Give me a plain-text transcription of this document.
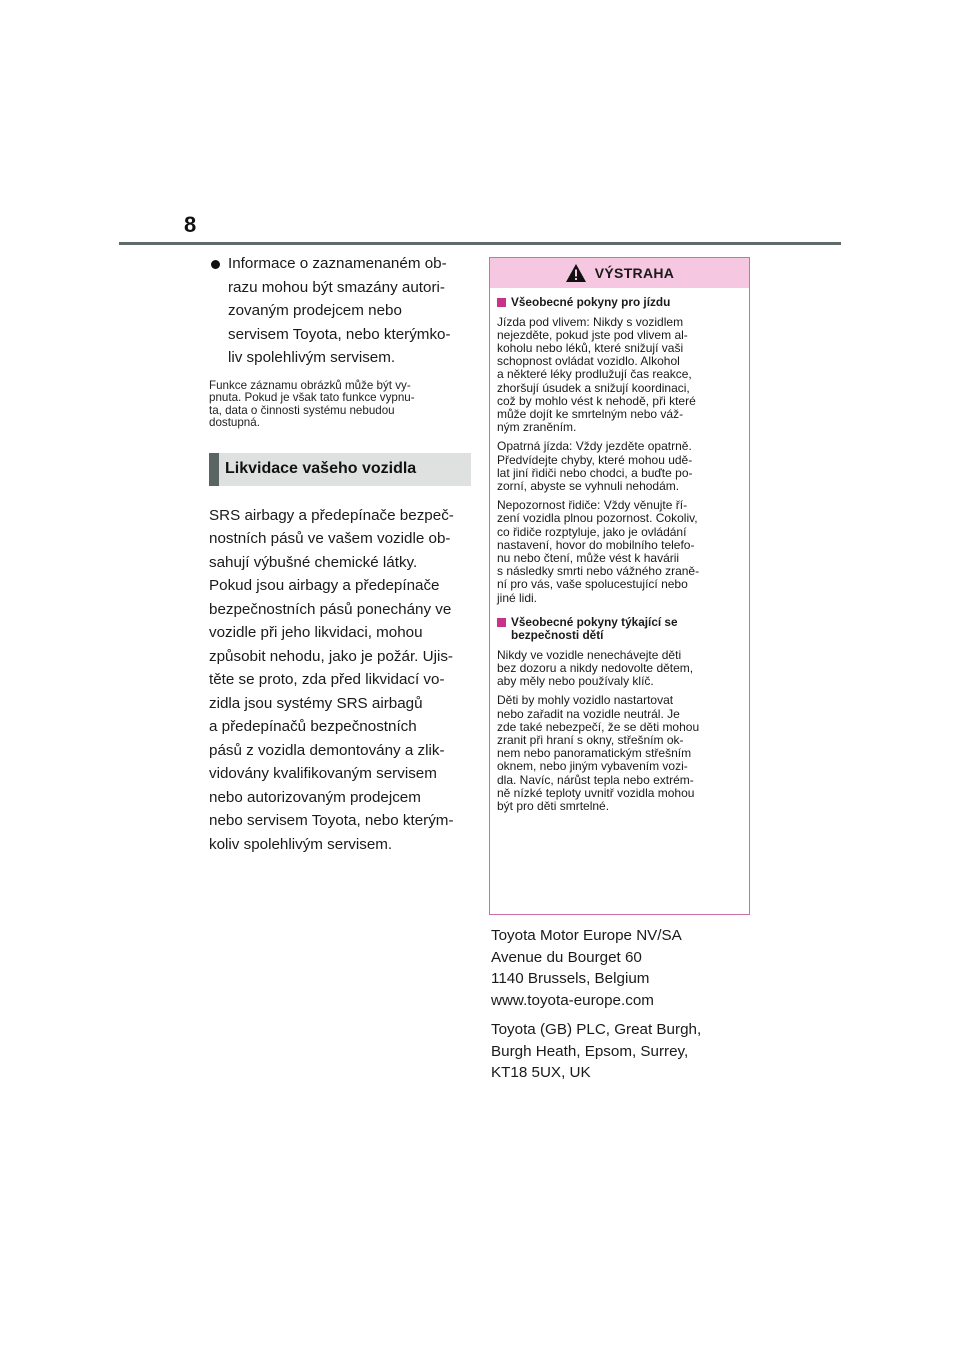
8
Informace o zaznamenaném ob-
razu mohou být smazány autori-
zovaným prodejcem nebo
servisem Toyota, nebo kterýmko-
liv spolehlivým servisem.
Funkce záznamu obrázků může být vy-
pnuta. Pokud je však tato funkce vypnu-
ta, data o činnosti systému nebudou
dostupná.
Likvidace vašeho vozidla
SRS airbagy a předepínače bezpeč-
nostních pásů ve vašem vozidle ob-
sahují výbušné chemické látky.
Pokud jsou airbagy a předepínače
bezpečnostních pásů ponechány ve
vozidle při jeho likvidaci, mohou
způsobit nehodu, jako je požár. Ujis-
těte se proto, zda před likvidací vo-
zidla jsou systémy SRS airbagů
a předepínačů bezpečnostních
pásů z vozidla demontovány a zlik-
vidovány kvalifikovaným servisem
nebo autorizovaným prodejcem
nebo servisem Toyota, nebo kterým-
koliv spolehlivým servisem.
VÝSTRAHA
Všeobecné pokyny pro jízdu
Jízda pod vlivem: Nikdy s vozidlem
nejezděte, pokud jste pod vlivem al-
koholu nebo léků, které snižují vaši
schopnost ovládat vozidlo. Alkohol
a některé léky prodlužují čas reakce,
zhoršují úsudek a snižují koordinaci,
což by mohlo vést k nehodě, při které
může dojít ke smrtelným nebo váž-
ným zraněním.
Opatrná jízda: Vždy jezděte opatrně.
Předvídejte chyby, které mohou udě-
lat jiní řidiči nebo chodci, a buďte po-
zorní, abyste se vyhnuli nehodám.
Nepozornost řidiče: Vždy věnujte ří-
zení vozidla plnou pozornost. Cokoliv,
co řidiče rozptyluje, jako je ovládání
nastavení, hovor do mobilního telefo-
nu nebo čtení, může vést k havárii
s následky smrti nebo vážného zraně-
ní pro vás, vaše spolucestující nebo
jiné lidi.
Všeobecné pokyny týkající se
bezpečnosti dětí
Nikdy ve vozidle nenechávejte děti
bez dozoru a nikdy nedovolte dětem,
aby měly nebo používaly klíč.
Děti by mohly vozidlo nastartovat
nebo zařadit na vozidle neutrál. Je
zde také nebezpečí, že se děti mohou
zranit při hraní s okny, střešním ok-
nem nebo panoramatickým střešním
oknem, nebo jiným vybavením vozi-
dla. Navíc, nárůst tepla nebo extrém-
ně nízké teploty uvnitř vozidla mohou
být pro děti smrtelné.
Toyota Motor Europe NV/SA
Avenue du Bourget 60
1140 Brussels, Belgium
www.toyota-europe.com
Toyota (GB) PLC, Great Burgh,
Burgh Heath, Epsom, Surrey,
KT18 5UX, UK
